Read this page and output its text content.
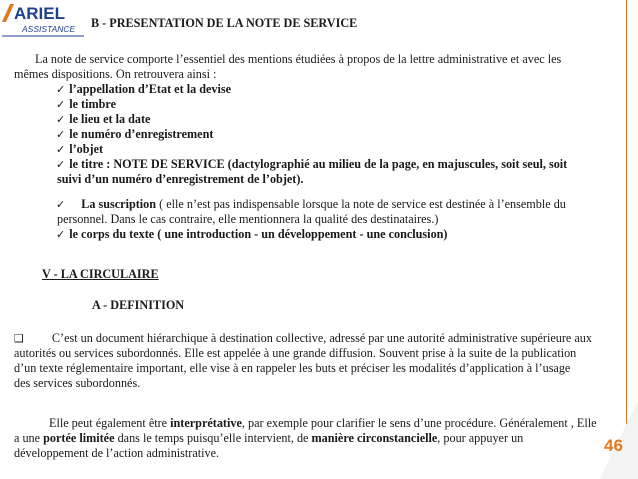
ARIEL
ASSISTANCE B - PRESENTATION DE LA NOTE DE SERVICE
La note de service comporte l’essentiel des mentions étudiées à propos de la lettre administrative et avec les
mêmes dispositions. On retrouvera ainsi :
✓ l’appellation d’Etat et la devise
✓ le timbre
✓ le lieu et la date
✓ le numéro d’enregistrement
✓ l’objet
✓ le titre : NOTE DE SERVICE (dactylographié au milieu de la page, en majuscules, soit seul, soit
suivi d’un numéro d’enregistrement de l’objet).
✓ La suscription ( elle n’est pas indispensable lorsque la note de service est destinée à l’ensemble du
personnel. Dans le cas contraire, elle mentionnera la qualité des destinataires.)
✓ le corps du texte ( une introduction - un développement - une conclusion)
V - LA CIRCULAIRE
A - DEFINITION
❑ C’est un document hiérarchique à destination collective, adressé par une autorité administrative supérieure aux
autorités ou services subordonnés. Elle est appelée à une grande diffusion. Souvent prise à la suite de la publication
d’un texte réglementaire important, elle vise à en rappeler les buts et préciser les modalités d’application à l’usage
des services subordonnés.
Elle peut également être interprétative, par exemple pour clarifier le sens d’une procédure. Généralement , Elle
a une portée limitée dans le temps puisqu’elle intervient, de manière circonstancielle, pour appuyer un
développement de l’action administrative.	46
